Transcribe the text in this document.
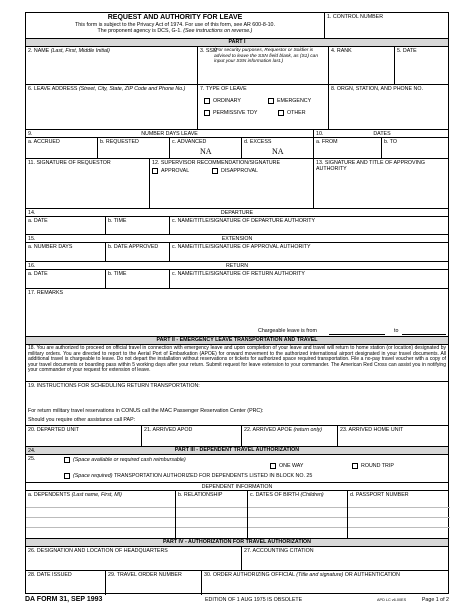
REQUEST AND AUTHORITY FOR LEAVE
This form is subject to the Privacy Act of 1974. For use of this form, see AR 600-8-10.
The proponent agency is DCS, G-1. (See instructions on reverse.)
1. CONTROL NUMBER
PART I
2. NAME (Last, First, Middle Initial)	3. SSN
(For security purposes, Requestor or Soldier is advised to leave the SSN field blank, as (S1) can input your SSN information last.)
4. RANK	5. DATE
6. LEAVE ADDRESS (Street, City, State, ZIP Code and Phone No.)	7. TYPE OF LEAVE
ORDINARY	EMERGENCY
PERMISSIVE TDY	OTHER
8. ORGN, STATION, AND PHONE NO.
9.	NUMBER DAYS LEAVE	10.	DATES
a. ACCRUED	b. REQUESTED	c. ADVANCED
NA
d. EXCESS
NA
a. FROM	b. TO
11. SIGNATURE OF REQUESTOR	12. SUPERVISOR RECOMMENDATION/SIGNATURE
APPROVAL	DISAPPROVAL
13. SIGNATURE AND TITLE OF APPROVING AUTHORITY
14.	DEPARTURE
a. DATE	b. TIME	c. NAME/TITLE/SIGNATURE OF DEPARTURE AUTHORITY
15.	EXTENSION
a. NUMBER DAYS	b. DATE APPROVED	c. NAME/TITLE/SIGNATURE OF APPROVAL AUTHORITY
16.	RETURN
a. DATE	b. TIME	c. NAME/TITLE/SIGNATURE OF RETURN AUTHORITY
17. REMARKS
Chargeable leave is from	to
PART II - EMERGENCY LEAVE TRANSPORTATION AND TRAVEL
18. You are authorized to proceed on official travel in connection with emergency leave and upon completion of your leave and travel will return to home station (or location) designated by military orders. You are directed to report to the Aerial Port of Embarkation (APOE) for onward movement to the authorized international airport designated in your travel documents. All additional travel is chargeable to leave. Do not depart the installation without reservations or tickets for authorized space required transportation. File a no-pay travel voucher with a copy of your travel documents or boarding pass within 5 working days after your return. Submit request for leave extension to your commander. The American Red Cross can assist you in notifying your commander of your request for extension of leave.
19. INSTRUCTIONS FOR SCHEDULING RETURN TRANSPORTATION:
For return military travel reservations in CONUS call the MAC Passenger Reservation Center (PRC):
Should you require other assistance call PAP:
20. DEPARTED UNIT	21. ARRIVED APOD	22. ARRIVED APOE (return only)	23. ARRIVED HOME UNIT
24.	PART III - DEPENDENT TRAVEL AUTHORIZATION
25.	(Space available or required cash reimbursable)
ONE WAY	ROUND TRIP
(Space required) TRANSPORTATION AUTHORIZED FOR DEPENDENTS LISTED IN BLOCK NO. 25
DEPENDENT INFORMATION
a. DEPENDENTS (Last name, First, MI)	b. RELATIONSHIP	c. DATES OF BIRTH (Children)	d. PASSPORT NUMBER
PART IV - AUTHORIZATION FOR TRAVEL AUTHORIZATION
26. DESIGNATION AND LOCATION OF HEADQUARTERS	27. ACCOUNTING CITATION
28. DATE ISSUED	29. TRAVEL ORDER NUMBER	30. ORDER AUTHORIZING OFFICIAL (Title and signature) OR AUTHENTICATION
DA FORM 31, SEP 1993	EDITION OF 1 AUG 1975 IS OBSOLETE	APD LC v6.00ES	Page 1 of 2
